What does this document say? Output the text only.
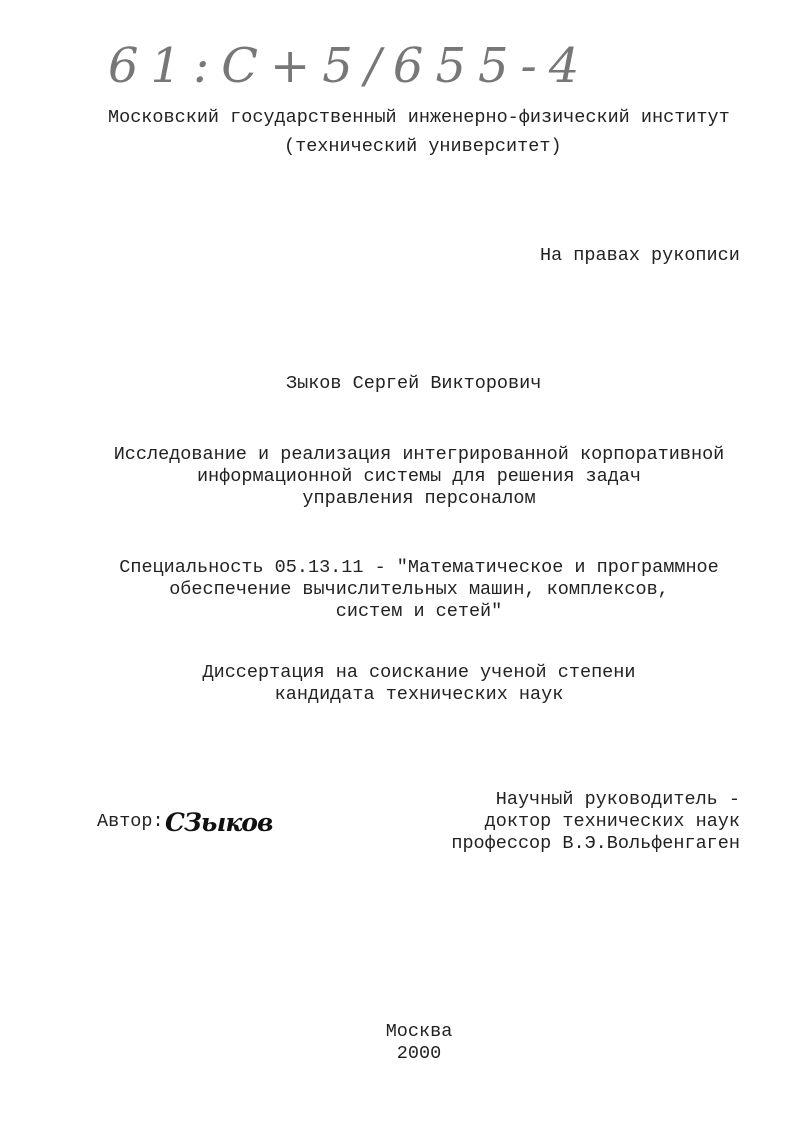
61:С+5/655-4
Московский государственный инженерно-физический институт
(технический университет)
На правах рукописи
Зыков Сергей Викторович
Исследование и реализация интегрированной корпоративной
информационной системы для решения задач
управления персоналом
Специальность 05.13.11 - "Математическое и программное
обеспечение вычислительных машин, комплексов,
систем и сетей"
Диссертация на соискание ученой степени
кандидата технических наук
Автор: СЗыков
Научный руководитель -
доктор технических наук
профессор В.Э.Вольфенгаген
Москва
2000
